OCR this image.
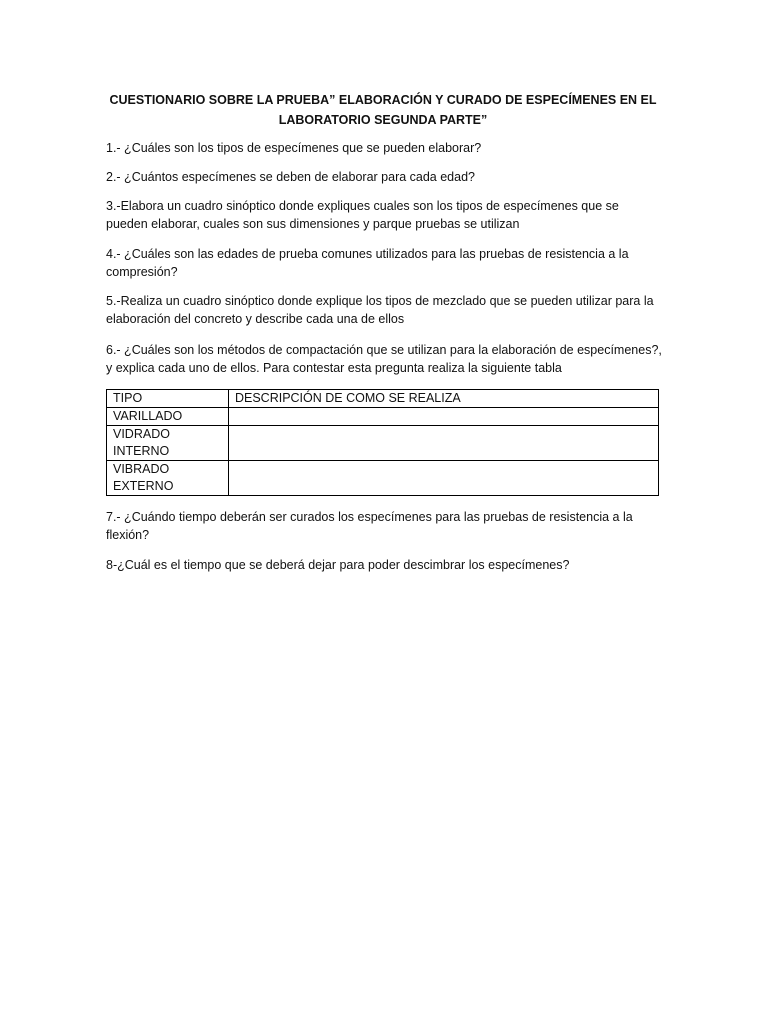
CUESTIONARIO SOBRE LA PRUEBA” ELABORACIÓN Y CURADO DE ESPECÍMENES EN EL LABORATORIO SEGUNDA PARTE”

1.- ¿Cuáles son los tipos de especímenes que se pueden elaborar?

2.- ¿Cuántos especímenes se deben de elaborar para cada edad?

3.-Elabora un cuadro sinóptico donde expliques cuales son los tipos de especímenes que se pueden elaborar, cuales son sus dimensiones y parque pruebas se utilizan

4.- ¿Cuáles son las edades de prueba comunes utilizados para las pruebas de resistencia a la compresión?

5.-Realiza un cuadro sinóptico donde explique los tipos de mezclado que se pueden utilizar para la elaboración del concreto y describe cada una de ellos

6.- ¿Cuáles son los métodos de compactación que se utilizan para la elaboración de especímenes?, y explica cada uno de ellos. Para contestar esta pregunta realiza la siguiente tabla

TIPO	DESCRIPCIÓN DE COMO SE REALIZA
VARILLADO	
VIDRADO INTERNO	

VIBRADO EXTERNO	

7.- ¿Cuándo tiempo deberán ser curados los especímenes para las pruebas de resistencia a la flexión?

8-¿Cuál es el tiempo que se deberá dejar para poder descimbrar los especímenes?
